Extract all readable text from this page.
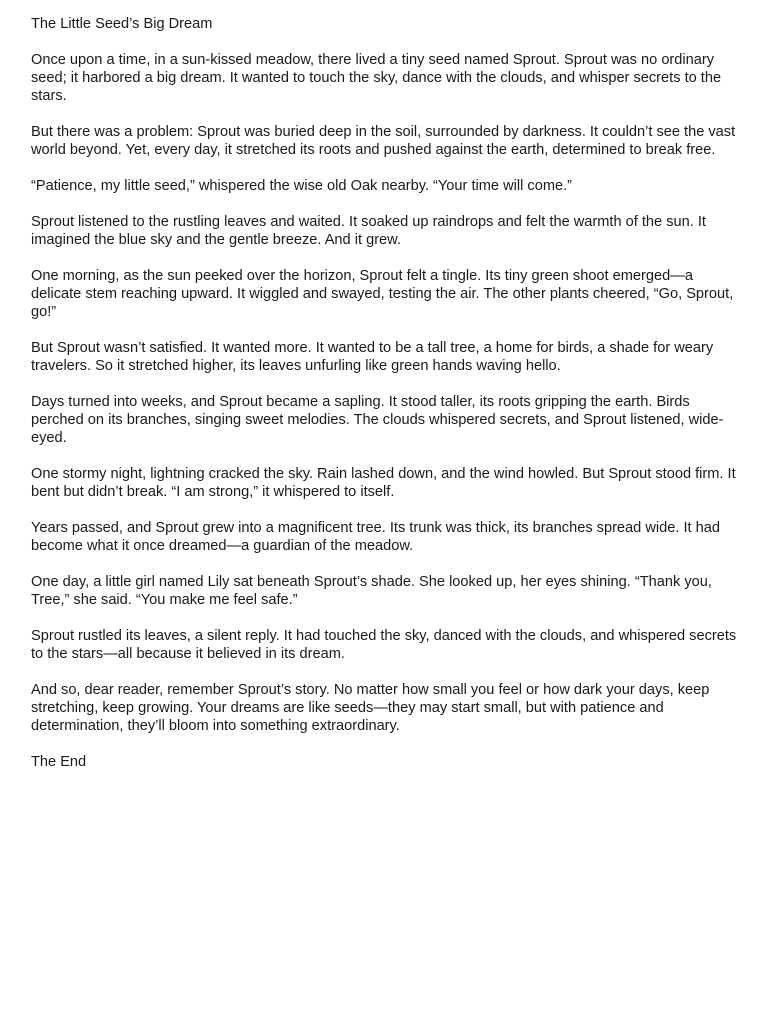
The Little Seed’s Big Dream

Once upon a time, in a sun-kissed meadow, there lived a tiny seed named Sprout. Sprout was no ordinary seed; it harbored a big dream. It wanted to touch the sky, dance with the clouds, and whisper secrets to the stars.

But there was a problem: Sprout was buried deep in the soil, surrounded by darkness. It couldn’t see the vast world beyond. Yet, every day, it stretched its roots and pushed against the earth, determined to break free.

“Patience, my little seed,” whispered the wise old Oak nearby. “Your time will come.”

Sprout listened to the rustling leaves and waited. It soaked up raindrops and felt the warmth of the sun. It imagined the blue sky and the gentle breeze. And it grew.

One morning, as the sun peeked over the horizon, Sprout felt a tingle. Its tiny green shoot emerged—a delicate stem reaching upward. It wiggled and swayed, testing the air. The other plants cheered, “Go, Sprout, go!”

But Sprout wasn’t satisfied. It wanted more. It wanted to be a tall tree, a home for birds, a shade for weary travelers. So it stretched higher, its leaves unfurling like green hands waving hello.

Days turned into weeks, and Sprout became a sapling. It stood taller, its roots gripping the earth. Birds perched on its branches, singing sweet melodies. The clouds whispered secrets, and Sprout listened, wide-eyed.

One stormy night, lightning cracked the sky. Rain lashed down, and the wind howled. But Sprout stood firm. It bent but didn’t break. “I am strong,” it whispered to itself.

Years passed, and Sprout grew into a magnificent tree. Its trunk was thick, its branches spread wide. It had become what it once dreamed—a guardian of the meadow.

One day, a little girl named Lily sat beneath Sprout’s shade. She looked up, her eyes shining. “Thank you, Tree,” she said. “You make me feel safe.”

Sprout rustled its leaves, a silent reply. It had touched the sky, danced with the clouds, and whispered secrets to the stars—all because it believed in its dream.

And so, dear reader, remember Sprout’s story. No matter how small you feel or how dark your days, keep stretching, keep growing. Your dreams are like seeds—they may start small, but with patience and determination, they’ll bloom into something extraordinary.

The End
